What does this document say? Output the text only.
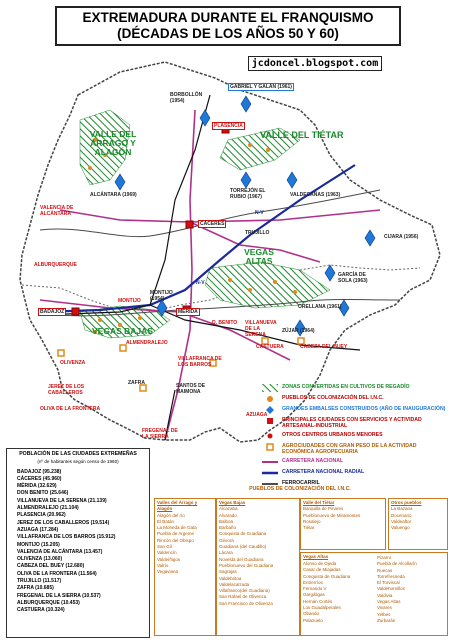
EXTREMADURA DURANTE EL FRANQUISMO
(DÉCADAS DE LOS AÑOS 50 Y 60)
jcdoncel.blogspot.com
VALLE DEL ÁRRAGO Y ALAGÓN
VALLE DEL TIÉTAR
VEGAS ALTAS
VEGAS BAJAS
GABRIEL Y GALÁN (1961)
BORBOLLÓN (1954)
ALCÁNTARA (1969)
TORREJÓN EL RUBIO (1967)	VALDECAÑAS (1963)
CIJARA (1956)
GARCÍA DE SOLA (1963)
ORELLANA (1961)
ZÚJAR (1964)
MONTIJO (1954)
PLASENCIA
CÁCERES
TRUJILLO
MÉRIDA
BADAJOZ
D. BENITO VILLANUEVA DE LA SERENA
MONTIJO
ALMENDRALEJO
ZAFRA
VALENCIA DE ALCÁNTARA
ALBURQUERQUE
OLIVENZA
JEREZ DE LOS CABALLEROS
OLIVA DE LA FRONTERA
VILLAFRANCA DE LOS BARROS
SANTOS DE MAIMONA
FREGENAL DE LA SIERRA
AZUAGA
CASTUERA	CABEZA DEL BUEY
N-V
N-V
ZONAS CONVERTIDAS EN CULTIVOS DE REGADÍO
PUEBLOS DE COLONIZACIÓN DEL I.N.C.
GRANDES EMBALSES CONSTRUIDOS (AÑO DE INAUGURACIÓN)
PRINCIPALES CIUDADES CON SERVICIOS Y ACTIVIDAD ARTESANAL-INDUSTRIAL
OTROS CENTROS URBANOS MENORES
AGROCIUDADES CON GRAN PESO DE LA ACTIVIDAD ECONÓMICA AGROPECUARIA
CARRETERA NACIONAL
CARRETERA NACIONAL RADIAL
FERROCARRIL
POBLACIÓN DE LAS CIUDADES EXTREMEÑAS
(nº de habitantes según censo de 1960)
BADAJOZ (95.238)
CÁCERES (45.960)
MÉRIDA (32.629)
DON BENITO (25.646)
VILLANUEVA DE LA SERENA (21.139)
ALMENDRALEJO (21.104)
PLASENCIA (20.962)
JEREZ DE LOS CABALLEROS (19.514)
AZUAGA (17.284)
VILLAFRANCA DE LOS BARROS (15.912)
MONTIJO (15.205)
VALENCIA DE ALCÁNTARA (13.457)
OLIVENZA (13.060)
CABEZA DEL BUEY (12.680)
OLIVA DE LA FRONTERA (11.564)
TRUJILLO (11.517)
ZAFRA (10.685)
FREGENAL DE LA SIERRA (10.537)
ALBURQUERQUE (10.453)
CASTUERA (10.324)
PUEBLOS DE COLONIZACIÓN DEL I.N.C.
Valles del Árrago y Alagón
Alagón del río
El Batán
La Moheda de Gata
Puebla de Argeme
Rincón del Obispo
San Gil
Valdencín
Valdeíñigos
Valrío
Vegaviana
Vegas Bajas
Alcazaba
Alvarado
Balboa
Barbaño
Conquista de Guadiana
Gévora
Guadiana (del Caudillo)
Lácara
Novelda del Guadiana
Pueblonuevo del Guadiana
Sagrajas
Valdebótoa
Valdelacalzada
Villafranco(del Guadiana)
San Rafael de Olivenza
San Francisco de Olivenza
Valle del Tiétar
Barquilla de Pinares
Pueblonuevo de Miramontes
Rosalejo
Tiétar
Otros pueblos
La Bazana
Docenario
Valdeaftor
Valuengo
Vegas Altas
Alonso de Ojeda
Casar de Miajadas
Conquista de Guadiana
Entrerríos
Fernando V
Gargáligas
Hernán Cortés
Los Guadalperales
Obando
Palazuelo
Pizarro
Puebla de Alcollarín
Ruecas
Torrefresneda
El Torviscal
Valdehornillos
Valdivia
Vegas Altas
Vivares
Yelbes
Zurbarán
